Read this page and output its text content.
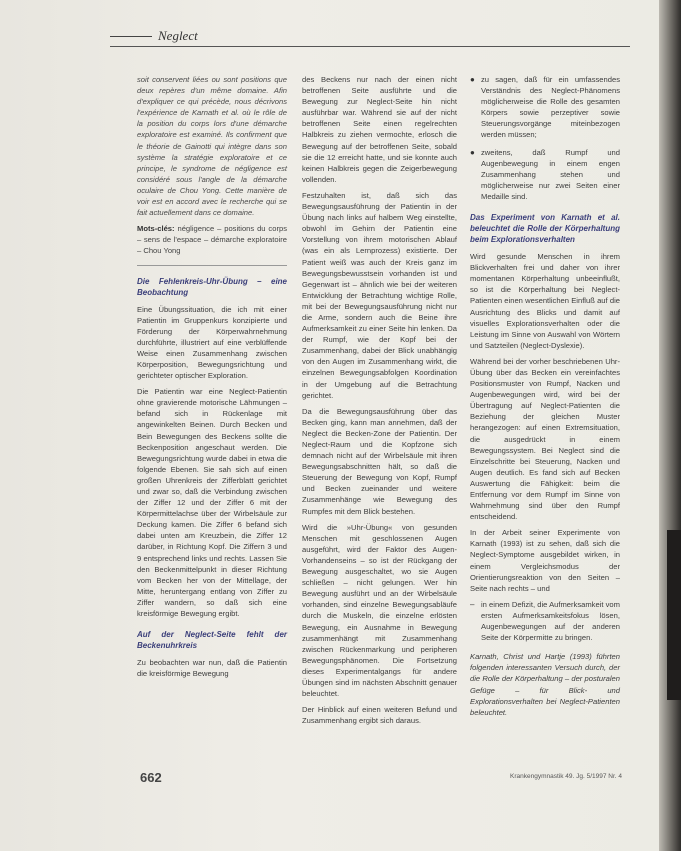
Neglect

soit conservent liées ou sont positions que deux repères d'un même domaine. Afin d'expliquer ce qui précède, nous décrivons l'expérience de Karnath et al. où le rôle de la position du corps lors d'une démarche exploratoire est examiné. Ils confirment que le théorie de Gainotti qui intègre dans son système la stratégie exploratoire et ce principe, le syndrome de négligence est considéré sous l'angle de la démarche oculaire de Chou Yong. Cette manière de voir est en accord avec le recherche qui se fait actuellement dans ce domaine.

Mots-clés: négligence – positions du corps – sens de l'espace – démarche exploratoire – Chou Yong

Die Fehlenkreis-Uhr-Übung – eine Beobachtung

Eine Übungssituation, die ich mit einer Patientin im Gruppenkurs konzipierte und Förderung der Körperwahrnehmung durchführte, illustriert auf eine verblüffende Weise einen Zusammenhang zwischen Körperposition, Bewegungsrichtung und gerichteter optischer Exploration.

Die Patientin war eine Neglect-Patientin ohne gravierende motorische Lähmungen – befand sich in Rückenlage mit angewinkelten Beinen. Durch Becken und Bein Bewegungen des Beckens sollte die Beckenposition angeschaut werden. Die Bewegungsrichtung wurde dabei in etwa die folgende Ebenen. Sie sah sich auf einen großen Uhrenkreis der Zifferblatt gerichtet und zwar so, daß die Verbindung zwischen der Ziffer 12 und der Ziffer 6 mit der Körpermittelachse über der Wirbelsäule zur Deckung kamen. Die Ziffer 6 befand sich dabei unten am Kreuzbein, die Ziffer 12 darüber, in Richtung Kopf. Die Ziffern 3 und 9 entsprechend links und rechts. Lassen Sie den Beckenmittelpunkt in dieser Richtung vom Becken her von der Mittellage, der Mitte, heruntergang entlang von Ziffer zu Ziffer wandern, so daß sich eine kreisförmige Bewegung ergibt.

Auf der Neglect-Seite fehlt der Beckenuhrkreis

Zu beobachten war nun, daß die Patientin die kreisförmige Bewegung

des Beckens nur nach der einen nicht betroffenen Seite ausführte und die Bewegung zur Neglect-Seite hin nicht ausführbar war. Während sie auf der nicht betroffenen Seite einen regelrechten Halbkreis zu ziehen vermochte, erlosch die Bewegung auf der betroffenen Seite, sobald sie die 12 erreicht hatte, und sie konnte auch keinen Halbkreis gegen die Zeigerbewegung vollenden.

Festzuhalten ist, daß sich das Bewegungsausführung der Patientin in der Übung nach links auf halbem Weg einstellte, obwohl im Gehirn der Patientin eine Vorstellung von ihrem motorischen Ablauf (was ein als Lernprozess) existierte. Der Patient weiß was auch der Kreis ganz im Bewegungsbewusstsein vorhanden ist und Gegenwart ist – ähnlich wie bei der weiteren Entwicklung der Betrachtung wichtige Rolle, mit bei der Bewegungsausführung nicht nur die Arme, sondern auch die Beine ihre Aufmerksamkeit zu einer Seite hin lenken. Da der Rumpf, wie der Kopf bei der Zusammenhang, dabei der Blick unabhängig von den Augen im Zusammenhang wirkt, die einzelnen Bewegungsabfolgen Koordination in der Umgebung auf die Betrachtung gerichtet.

Da die Bewegungsausführung über das Becken ging, kann man annehmen, daß der Neglect die Becken-Zone der Patientin. Der Neglect-Raum und die Kopfzone sich demnach nicht auf der Wirbelsäule mit ihren Bewegungsabschnitten hält, so daß die Steuerung der Bewegung von Kopf, Rumpf und Becken zueinander und weitere Zusammenhänge wie Bewegung des Rumpfes mit dem Blick bestehen.

Wird die »Uhr-Übung« von gesunden Menschen mit geschlossenen Augen ausgeführt, wird der Faktor des Augen-Vorhandenseins – so ist der Rückgang der Bewegung ausgeschaltet, wo sie Augen schließen – nicht gelungen. Wer hin Bewegung ausführt und an der Wirbelsäule vorhanden, sind einzelne Bewegungsabläufe durch die Muskeln, die einzelne erlösten Bewegung, ein Ausnahme in Bewegung zusammenhängt mit Zusammenhang zwischen Rückenmarkung und peripheren Bewegungsphänomen. Die Fortsetzung dieses Experimentalgangs für andere Übungen sind im nächsten Abschnitt genauer beleuchtet.

Der Hinblick auf einen weiteren Befund und Zusammenhang ergibt sich daraus.

● zu sagen, daß für ein umfassendes Verständnis des Neglect-Phänomens möglicherweise die Rolle des gesamten Körpers sowie perzeptiver sowie Steuerungsvorgänge miteinbezogen werden müssen;
● zweitens, daß Rumpf und Augenbewegung in einem engen Zusammenhang stehen und möglicherweise nur zwei Seiten einer Medaille sind.
Das Experiment von Karnath et al. beleuchtet die Rolle der Körperhaltung beim Explorationsverhalten

Wird gesunde Menschen in ihrem Blickverhalten frei und daher von ihrer momentanen Körperhaltung unbeeinflußt, so ist die Körperhaltung bei Neglect-Patienten einen wesentlichen Einfluß auf die Ausrichtung des Blicks und damit auf visuelles Explorationsverhalten oder die Leistung im Sinne von Auswahl von Wörtern und Satzteilen (Neglect-Dyslexie).

Während bei der vorher beschriebenen Uhr-Übung über das Becken ein vereinfachtes Positionsmuster von Rumpf, Nacken und Augenbewegungen wird, wird bei der Übertragung auf Neglect-Patienten die Beziehung der gleichen Muster herangezogen: auf einen Extremsituation, die ausgedrückt in einem Bewegungssystem. Bei Neglect sind die Einzelschritte bei Steuerung, Nacken und Augen deutlich. Es fand sich auf Becken Auswertung die Fähigkeit: beim die Entfernung vor dem Rumpf im Sinne von Wahrnehmung sind über den Rumpf entscheidend.

In der Arbeit seiner Experimente von Karnath (1993) ist zu sehen, daß sich die Neglect-Symptome ausgebildet wirken, in einem Vergleichsmodus der Orientierungsreaktion von den Seiten – Seite nach rechts – und

– in einem Defizit, die Aufmerksamkeit vom ersten Aufmerksamkeitsfokus lösen, Augenbewegungen auf der anderen Seite der Körpermitte zu bringen.

Karnath, Christ und Hartje (1993) führten folgenden interessanten Versuch durch, der die Rolle der Körperhaltung – der posturalen Gefüge – für Blick- und Explorationsverhalten bei Neglect-Patienten beleuchtet.

662	Krankengymnastik 49. Jg. 5/1997 Nr. 4
